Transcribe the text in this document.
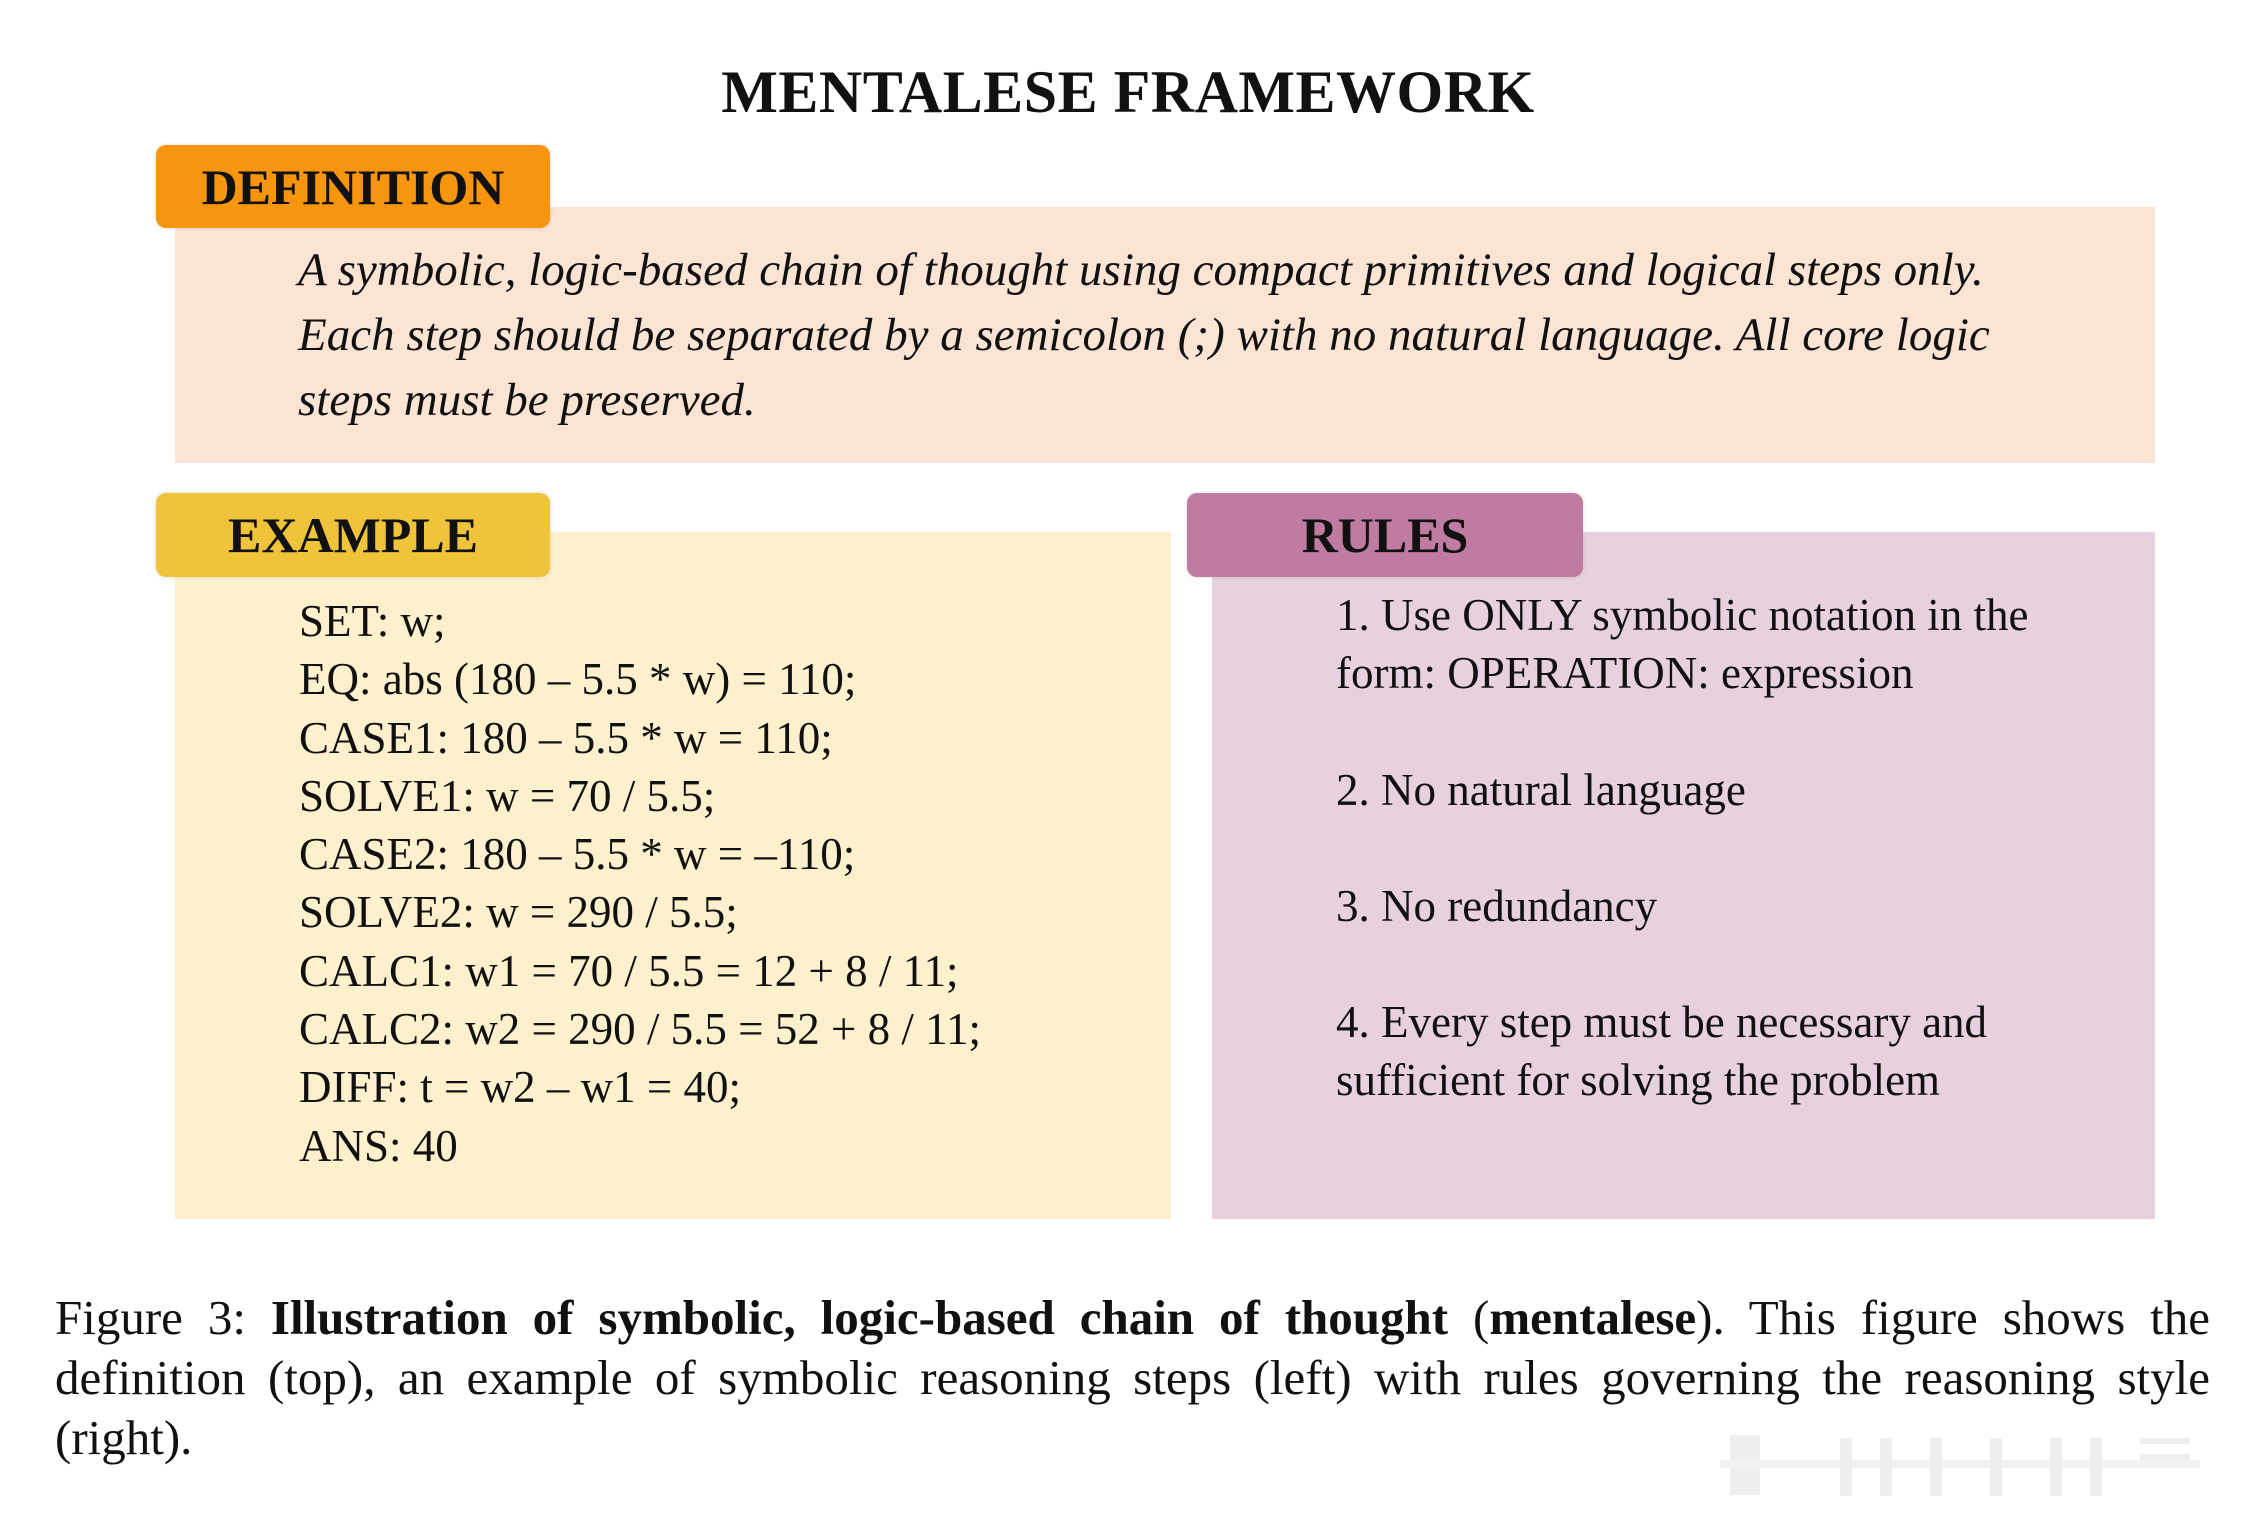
MENTALESE FRAMEWORK
DEFINITION
A symbolic, logic-based chain of thought using compact primitives and logical steps only. Each step should be separated by a semicolon (;) with no natural language. All core logic steps must be preserved.
EXAMPLE
SET: w;
EQ: abs (180 – 5.5 * w) = 110;
CASE1: 180 – 5.5 * w = 110;
SOLVE1: w = 70 / 5.5;
CASE2: 180 – 5.5 * w = –110;
SOLVE2: w = 290 / 5.5;
CALC1: w1 = 70 / 5.5 = 12 + 8 / 11;
CALC2: w2 = 290 / 5.5 = 52 + 8 / 11;
DIFF: t = w2 – w1 = 40;
ANS: 40
RULES
1. Use ONLY symbolic notation in the form: OPERATION: expression
2. No natural language
3. No redundancy
4. Every step must be necessary and sufficient for solving the problem
Figure 3: Illustration of symbolic, logic-based chain of thought (mentalese). This figure shows the definition (top), an example of symbolic reasoning steps (left) with rules governing the reasoning style (right).
